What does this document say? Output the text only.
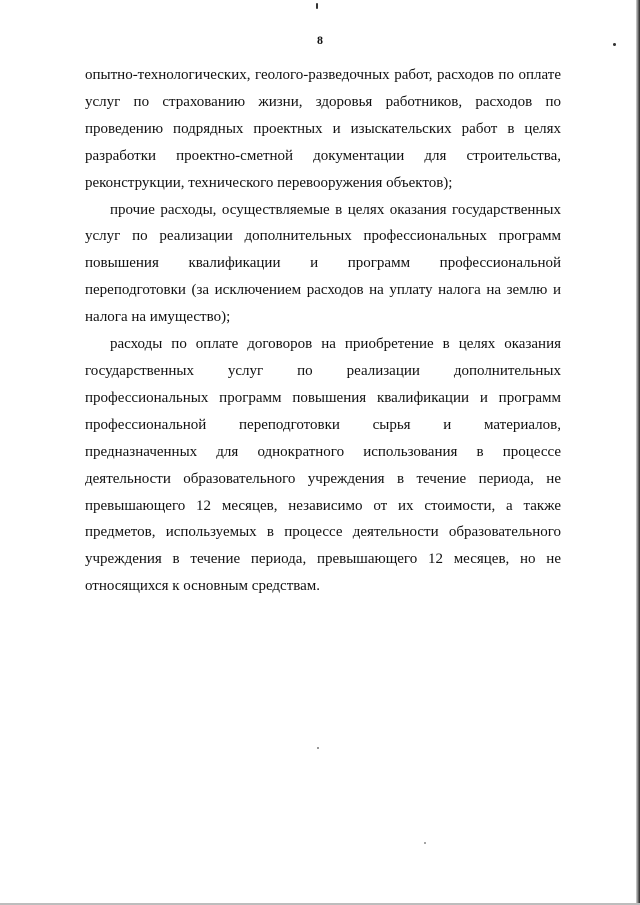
8

опытно-технологических, геолого-разведочных работ, расходов по оплате услуг по страхованию жизни, здоровья работников, расходов по проведению подрядных проектных и изыскательских работ в целях разработки проектно-сметной документации для строительства, реконструкции, технического перевооружения объектов);

прочие расходы, осуществляемые в целях оказания государственных услуг по реализации дополнительных профессиональных программ повышения квалификации и программ профессиональной переподготовки (за исключением расходов на уплату налога на землю и налога на имущество);

расходы по оплате договоров на приобретение в целях оказания государственных услуг по реализации дополнительных профессиональных программ повышения квалификации и программ профессиональной переподготовки сырья и материалов, предназначенных для однократного использования в процессе деятельности образовательного учреждения в течение периода, не превышающего 12 месяцев, независимо от их стоимости, а также предметов, используемых в процессе деятельности образовательного учреждения в течение периода, превышающего 12 месяцев, но не относящихся к основным средствам.
